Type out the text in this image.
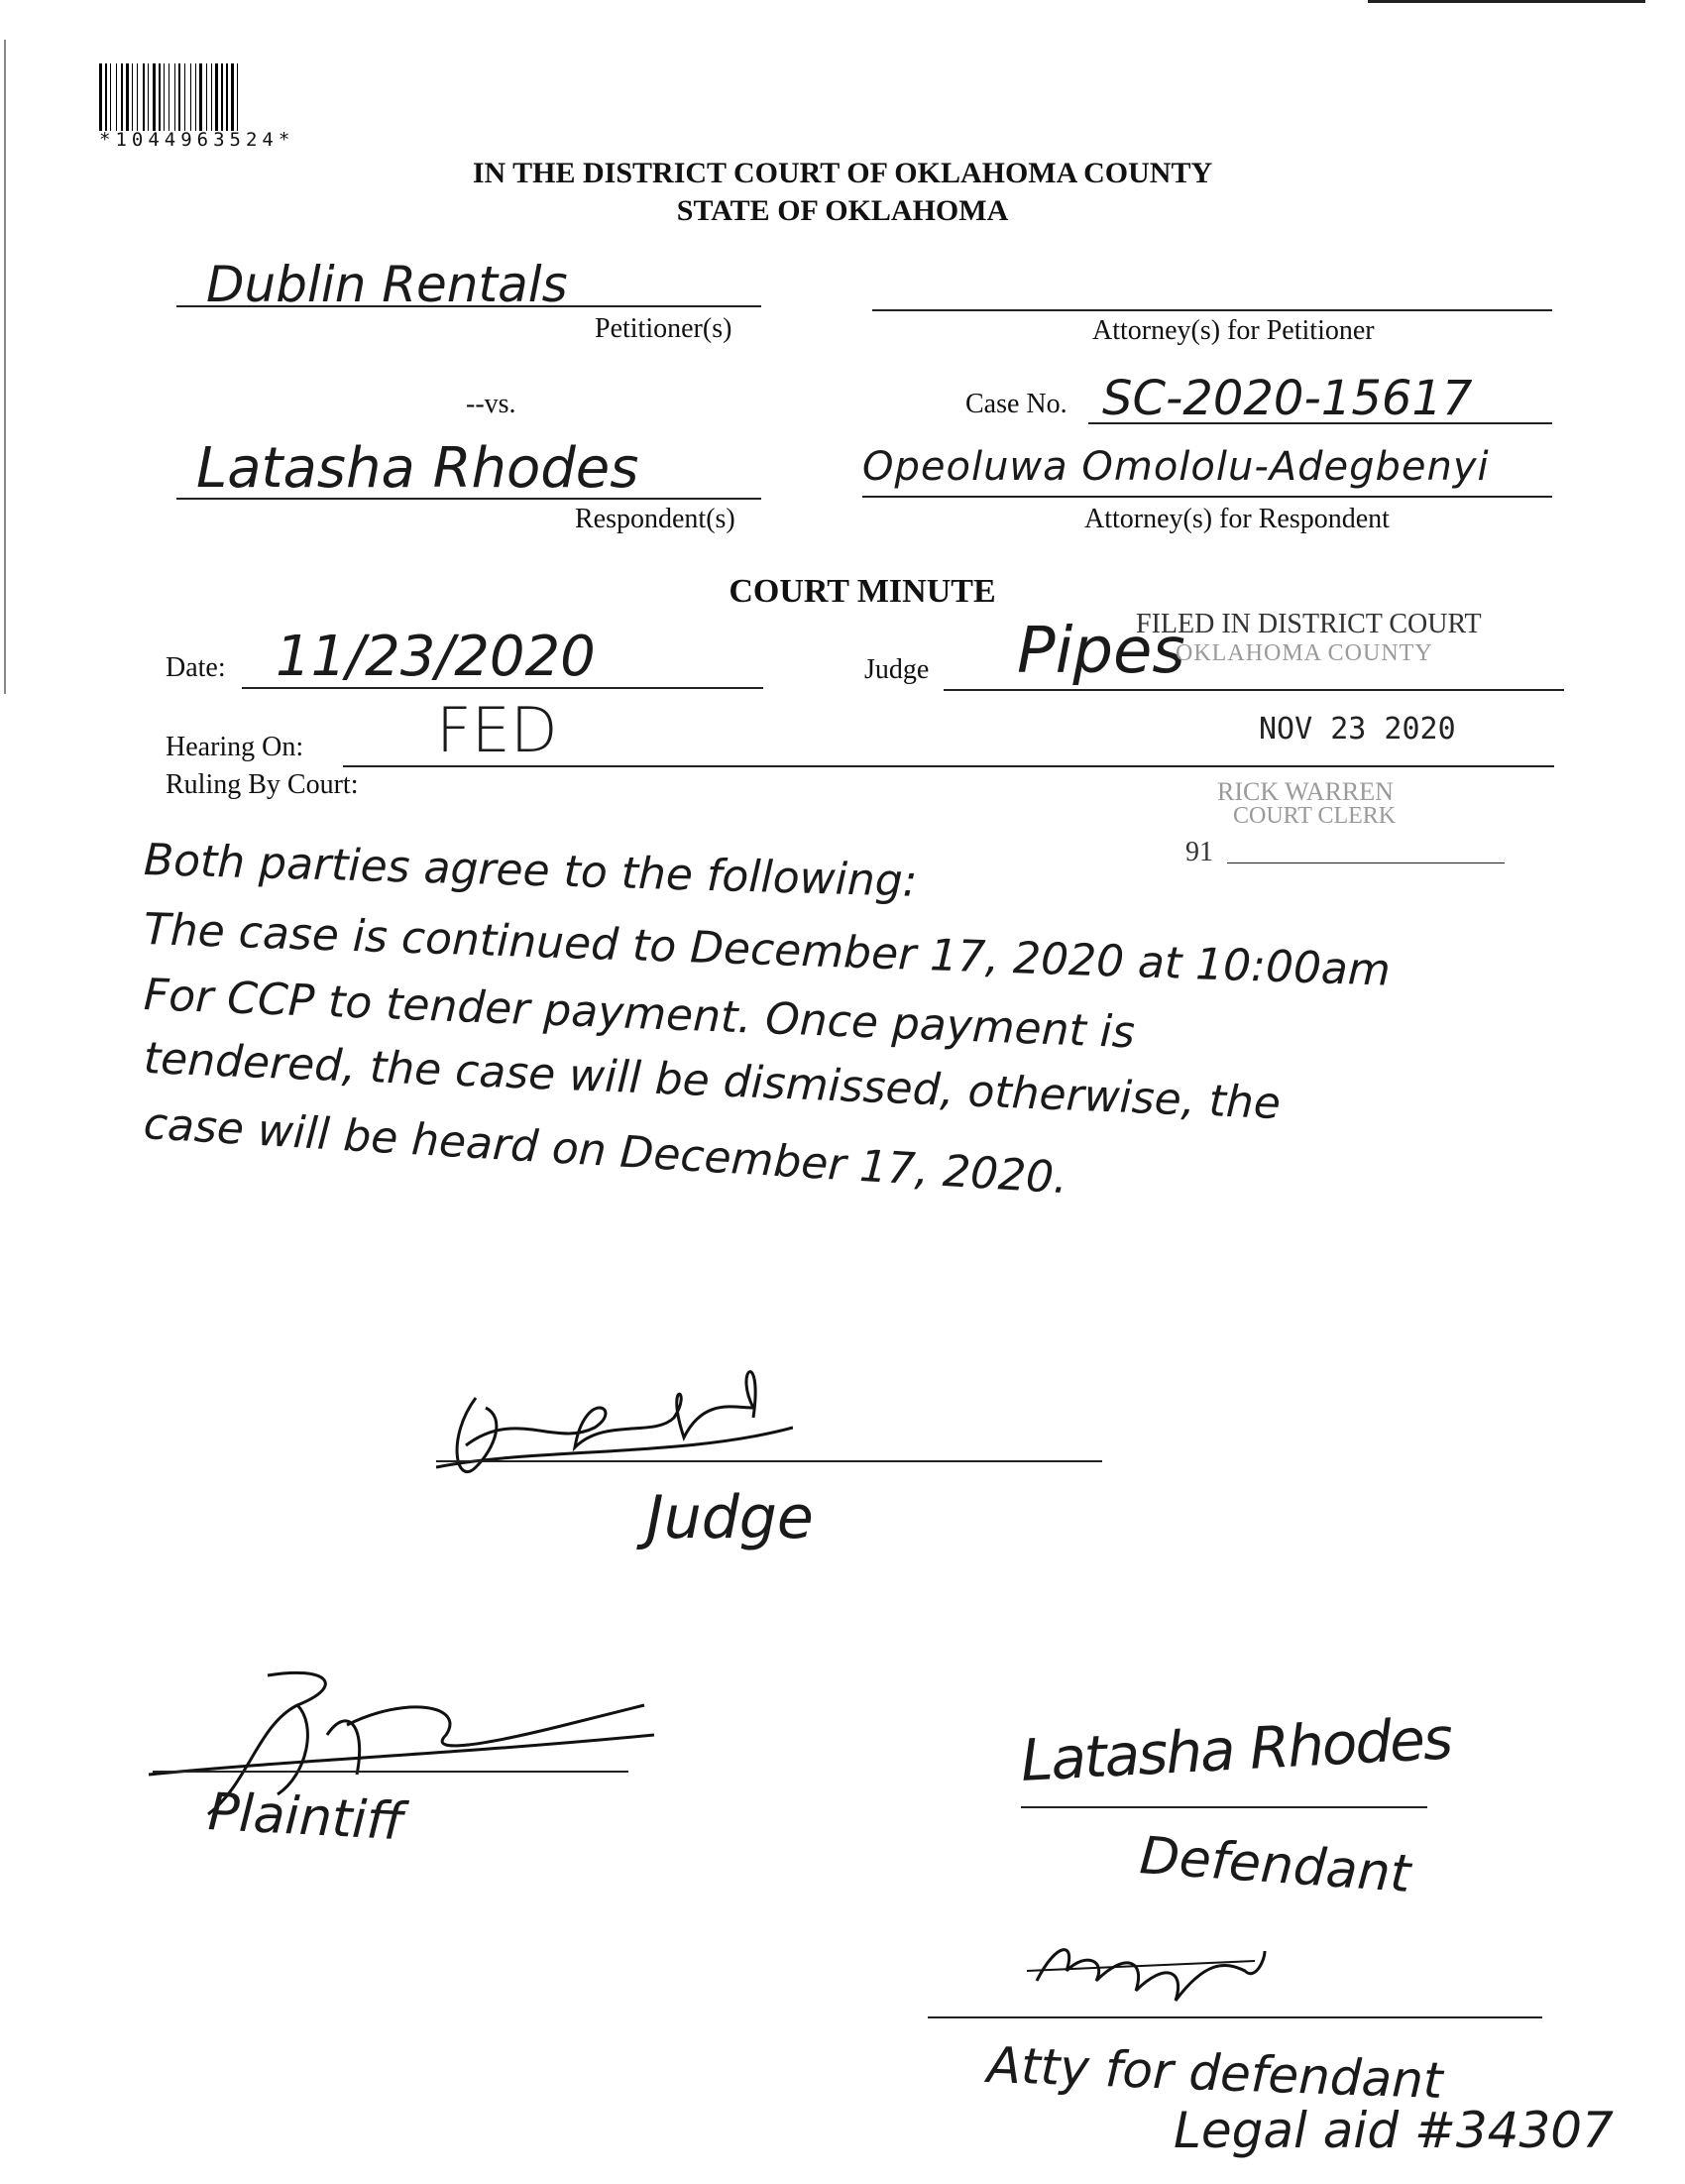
*1044963524*
IN THE DISTRICT COURT OF OKLAHOMA COUNTY
STATE OF OKLAHOMA
Dublin Rentals
Petitioner(s)	Attorney(s) for Petitioner
--vs.	Case No. SC-2020-15617
Latasha Rhodes
Respondent(s)
Opeoluwa Omololu-Adegbenyi
Attorney(s) for Respondent
COURT MINUTE
Date: 11/23/2020	Judge Pipes
FILED IN DISTRICT COURT
OKLAHOMA COUNTY
NOV 23 2020
RICK WARREN
COURT CLERK
91
Hearing On: FED
Ruling By Court:
Both parties agree to the following:
The case is continued to December 17, 2020 at 10:00am
For CCP to tender payment. Once payment is
tendered, the case will be dismissed, otherwise, the
case will be heard on December 17, 2020.
Judge
Plaintiff
Latasha Rhodes
Defendant
Atty for defendant
Legal aid #34307
